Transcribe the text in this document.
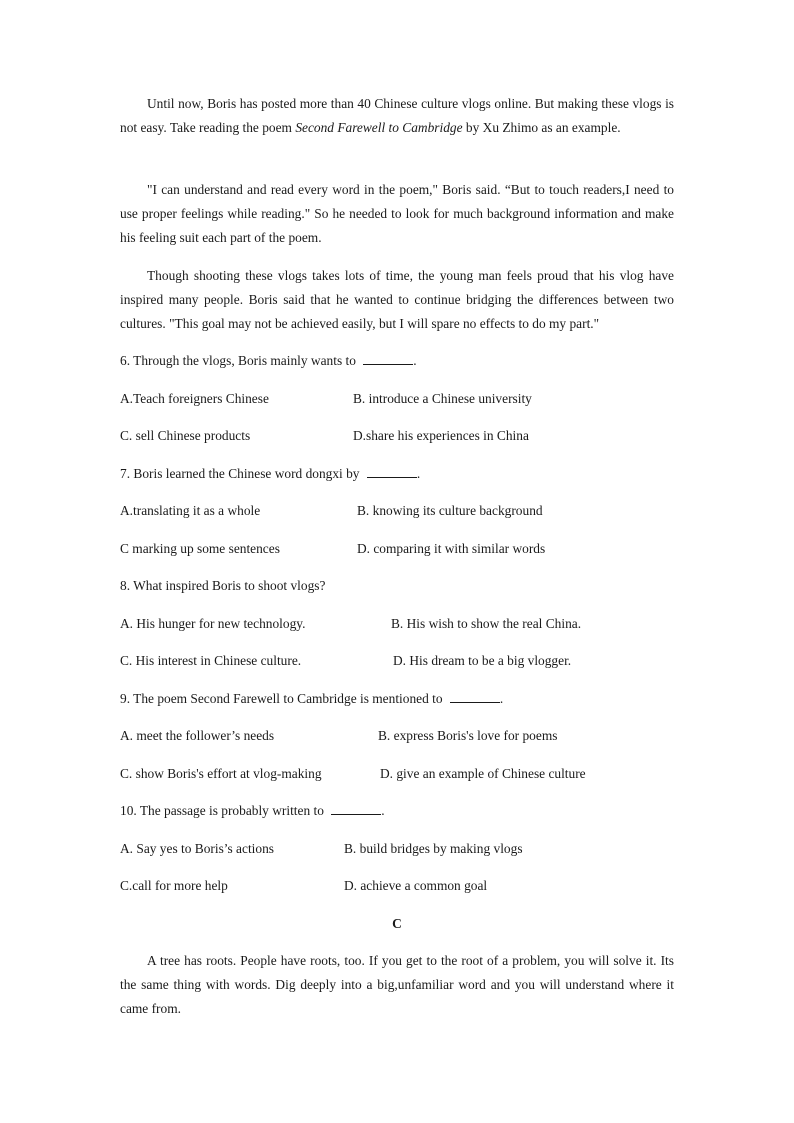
Until now, Boris has posted more than 40 Chinese culture vlogs online. But making these vlogs is not easy. Take reading the poem Second Farewell to Cambridge by Xu Zhimo as an example.

"I can understand and read every word in the poem," Boris said. “But to touch readers,I need to use proper feelings while reading." So he needed to look for much background information and make his feeling suit each part of the poem.

Though shooting these vlogs takes lots of time, the young man feels proud that his vlog have inspired many people. Boris said that he wanted to continue bridging the differences between two cultures. "This goal may not be achieved easily, but I will spare no effects to do my part."

6. Through the vlogs, Boris mainly wants to	.
A.Teach foreigners Chinese	B. introduce a Chinese university
C. sell Chinese products	D.share his experiences in China
7. Boris learned the Chinese word dongxi by	.
A.translating it as a whole	B. knowing its culture background
C marking up some sentences	D. comparing it with similar words
8. What inspired Boris to shoot vlogs?
A. His hunger for new technology.	B. His wish to show the real China.
C. His interest in Chinese culture.	D. His dream to be a big vlogger.
9. The poem Second Farewell to Cambridge is mentioned to	.
A. meet the follower’s needs	B. express Boris's love for poems
C. show Boris's effort at vlog-making	D. give an example of Chinese culture
10. The passage is probably written to	.
A. Say yes to Boris’s actions	B. build bridges by making vlogs
C.call for more help	D. achieve a common goal
C

A tree has roots. People have roots, too. If you get to the root of a problem, you will solve it. Its the same thing with words. Dig deeply into a big,unfamiliar word and you will understand where it came from.
